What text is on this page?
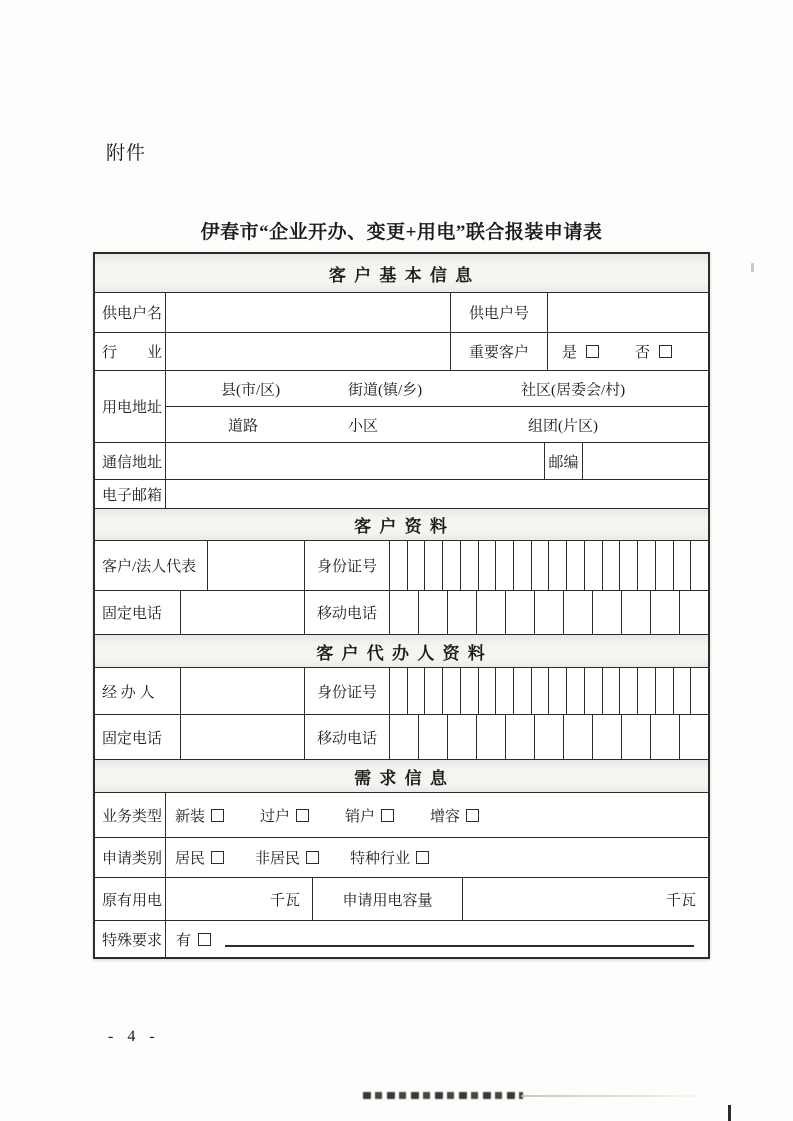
附件
伊春市“企业开办、变更+用电”联合报装申请表
客 户 基 本 信 息
供电户名	供电户号
行　　业	重要客户	是	否
用电地址
县(市/区)	街道(镇/乡)	社区(居委会/村)
道路	小区	组团(片区)
通信地址	邮编
电子邮箱
客 户 资 料
客户/法人代表	身份证号
固定电话	移动电话
客 户 代 办 人 资 料
经 办 人	身份证号
固定电话	移动电话
需 求 信 息
业务类型 新装	过户	销户	增容
申请类别 居民	非居民	特种行业
原有用电	千瓦	申请用电容量	千瓦
特殊要求 有
- 4 -
